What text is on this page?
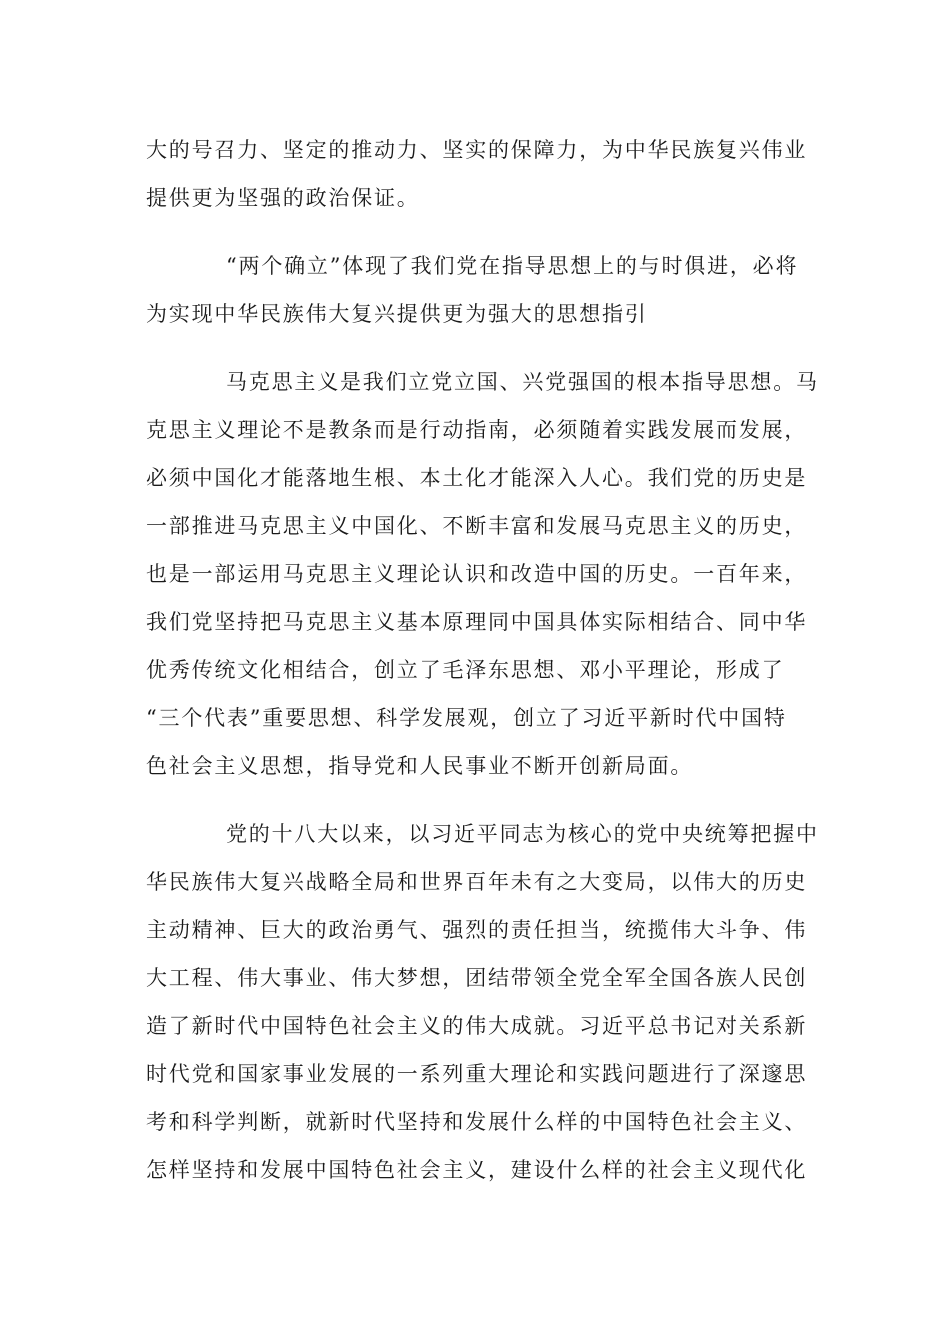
大的号召力、坚定的推动力、坚实的保障力，为中华民族复兴伟业
提供更为坚强的政治保证。
“两个确立”体现了我们党在指导思想上的与时俱进，必将
为实现中华民族伟大复兴提供更为强大的思想指引
马克思主义是我们立党立国、兴党强国的根本指导思想。马
克思主义理论不是教条而是行动指南，必须随着实践发展而发展，
必须中国化才能落地生根、本土化才能深入人心。我们党的历史是
一部推进马克思主义中国化、不断丰富和发展马克思主义的历史，
也是一部运用马克思主义理论认识和改造中国的历史。一百年来，
我们党坚持把马克思主义基本原理同中国具体实际相结合、同中华
优秀传统文化相结合，创立了毛泽东思想、邓小平理论，形成了
“三个代表”重要思想、科学发展观，创立了习近平新时代中国特
色社会主义思想，指导党和人民事业不断开创新局面。
党的十八大以来，以习近平同志为核心的党中央统筹把握中
华民族伟大复兴战略全局和世界百年未有之大变局，以伟大的历史
主动精神、巨大的政治勇气、强烈的责任担当，统揽伟大斗争、伟
大工程、伟大事业、伟大梦想，团结带领全党全军全国各族人民创
造了新时代中国特色社会主义的伟大成就。习近平总书记对关系新
时代党和国家事业发展的一系列重大理论和实践问题进行了深邃思
考和科学判断，就新时代坚持和发展什么样的中国特色社会主义、
怎样坚持和发展中国特色社会主义，建设什么样的社会主义现代化
